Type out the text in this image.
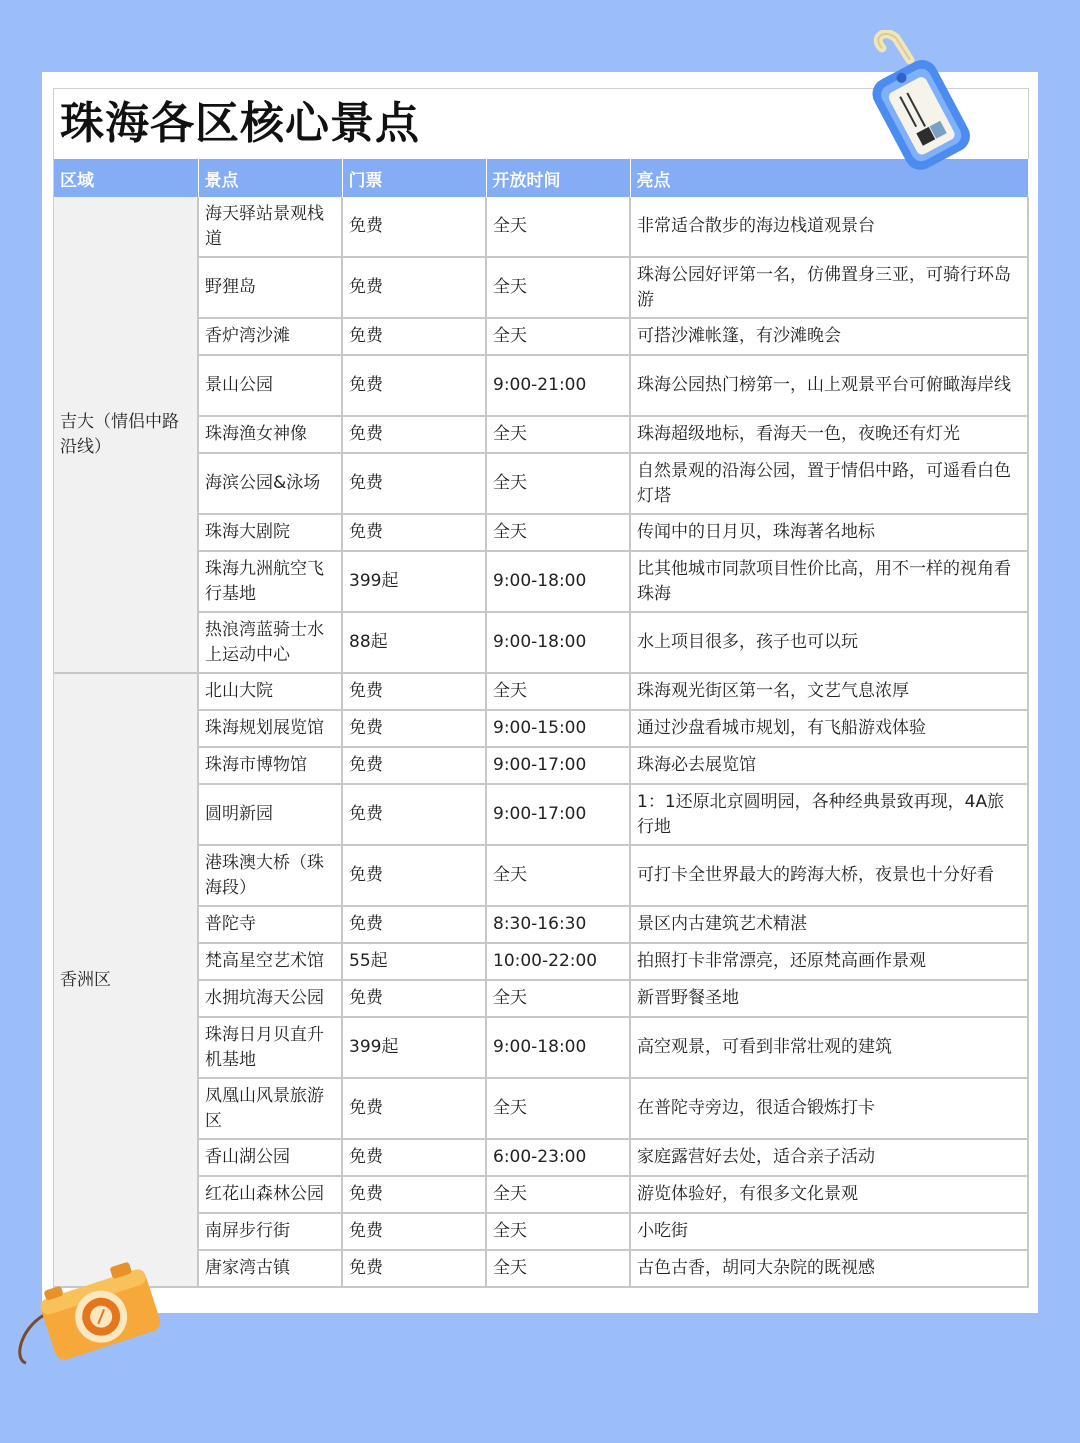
珠海各区核心景点
区域	景点	门票	开放时间	亮点
吉大（情侣中路沿线）	海天驿站景观栈道	免费	全天	非常适合散步的海边栈道观景台
	野狸岛	免费	全天	珠海公园好评第一名，仿佛置身三亚，可骑行环岛游
	香炉湾沙滩	免费	全天	可搭沙滩帐篷，有沙滩晚会
	景山公园	免费	9:00-21:00	珠海公园热门榜第一，山上观景平台可俯瞰海岸线
	珠海渔女神像	免费	全天	珠海超级地标，看海天一色，夜晚还有灯光
	海滨公园&泳场	免费	全天	自然景观的沿海公园，置于情侣中路，可遥看白色灯塔
	珠海大剧院	免费	全天	传闻中的日月贝，珠海著名地标
	珠海九洲航空飞行基地	399起	9:00-18:00	比其他城市同款项目性价比高，用不一样的视角看珠海
	热浪湾蓝骑士水上运动中心	88起	9:00-18:00	水上项目很多，孩子也可以玩
香洲区	北山大院	免费	全天	珠海观光街区第一名，文艺气息浓厚
	珠海规划展览馆	免费	9:00-15:00	通过沙盘看城市规划，有飞船游戏体验
	珠海市博物馆	免费	9:00-17:00	珠海必去展览馆
	圆明新园	免费	9:00-17:00	1：1还原北京圆明园，各种经典景致再现，4A旅行地
	港珠澳大桥（珠海段）	免费	全天	可打卡全世界最大的跨海大桥，夜景也十分好看
	普陀寺	免费	8:30-16:30	景区内古建筑艺术精湛
	梵高星空艺术馆	55起	10:00-22:00	拍照打卡非常漂亮，还原梵高画作景观
	水拥坑海天公园	免费	全天	新晋野餐圣地
	珠海日月贝直升机基地	399起	9:00-18:00	高空观景，可看到非常壮观的建筑
	凤凰山风景旅游区	免费	全天	在普陀寺旁边，很适合锻炼打卡
	香山湖公园	免费	6:00-23:00	家庭露营好去处，适合亲子活动
	红花山森林公园	免费	全天	游览体验好，有很多文化景观
	南屏步行街	免费	全天	小吃街
	唐家湾古镇	免费	全天	古色古香，胡同大杂院的既视感
